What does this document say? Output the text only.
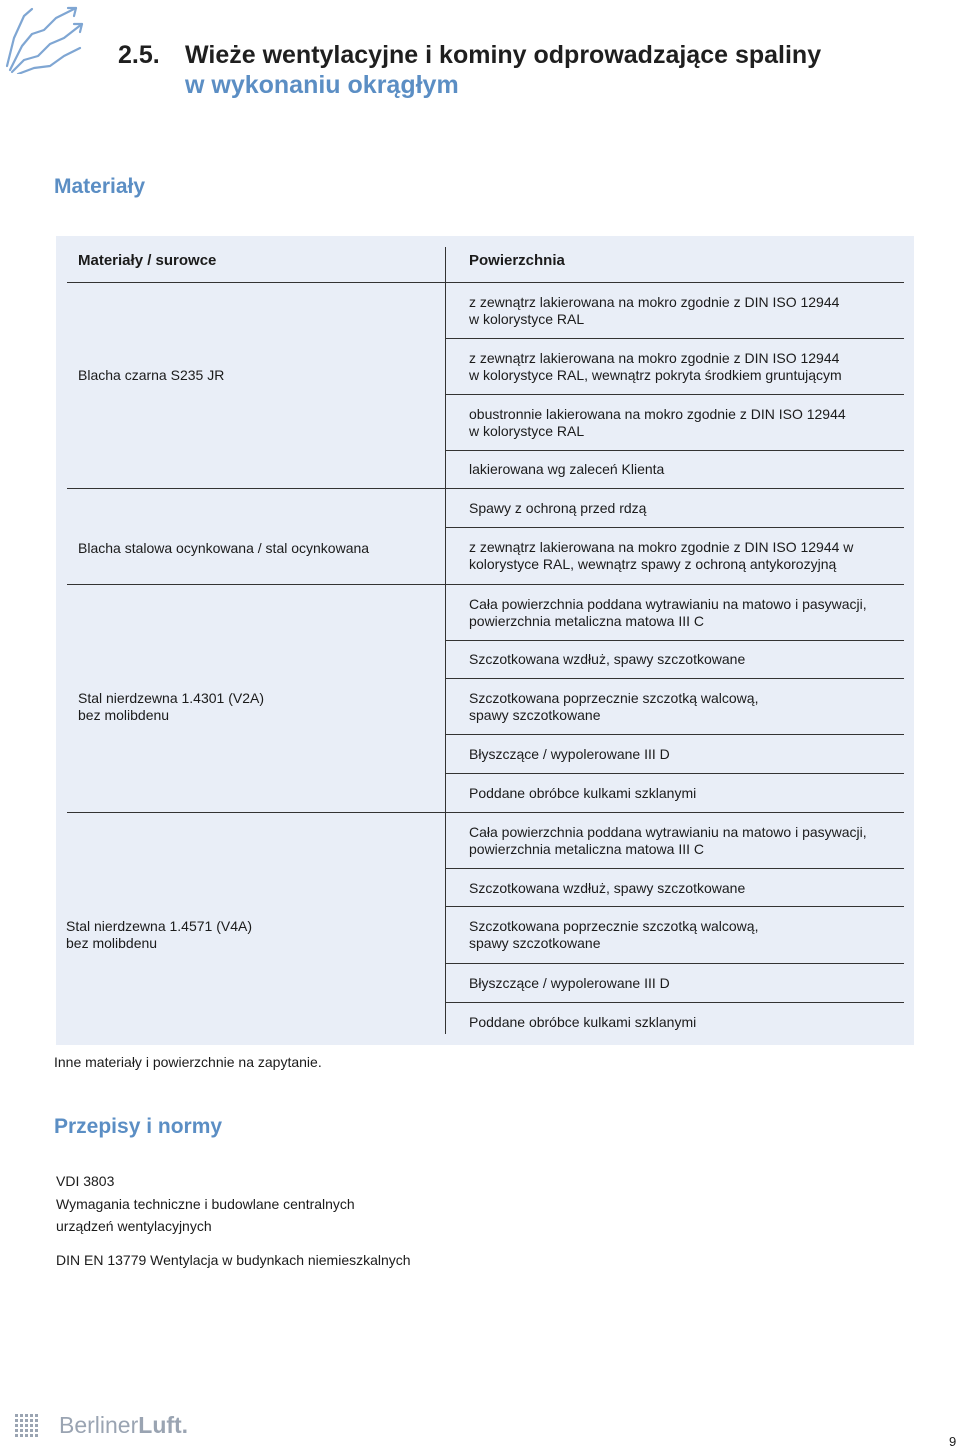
2.5. Wieże wentylacyjne i kominy odprowadzające spaliny
w wykonaniu okrągłym
Materiały
Materiały / surowce	Powierzchnia
Blacha czarna S235 JR
z zewnątrz lakierowana na mokro zgodnie z DIN ISO 12944
w kolorystyce RAL
z zewnątrz lakierowana na mokro zgodnie z DIN ISO 12944
w kolorystyce RAL, wewnątrz pokryta środkiem gruntującym
obustronnie lakierowana na mokro zgodnie z DIN ISO 12944
w kolorystyce RAL
lakierowana wg zaleceń Klienta
Blacha stalowa ocynkowana / stal ocynkowana
Spawy z ochroną przed rdzą
z zewnątrz lakierowana na mokro zgodnie z DIN ISO 12944 w
kolorystyce RAL, wewnątrz spawy z ochroną antykorozyjną
Stal nierdzewna 1.4301 (V2A)
bez molibdenu
Cała powierzchnia poddana wytrawianiu na matowo i pasywacji,
powierzchnia metaliczna matowa III C
Szczotkowana wzdłuż, spawy szczotkowane
Szczotkowana poprzecznie szczotką walcową,
spawy szczotkowane
Błyszczące / wypolerowane III D
Poddane obróbce kulkami szklanymi
Stal nierdzewna 1.4571 (V4A)
bez molibdenu
Cała powierzchnia poddana wytrawianiu na matowo i pasywacji,
powierzchnia metaliczna matowa III C
Szczotkowana wzdłuż, spawy szczotkowane
Szczotkowana poprzecznie szczotką walcową,
spawy szczotkowane
Błyszczące / wypolerowane III D
Poddane obróbce kulkami szklanymi
Inne materiały i powierzchnie na zapytanie.
Przepisy i normy
VDI 3803
Wymagania techniczne i budowlane centralnych
urządzeń wentylacyjnych
DIN EN 13779 Wentylacja w budynkach niemieszkalnych
BerlinerLuft.
9
